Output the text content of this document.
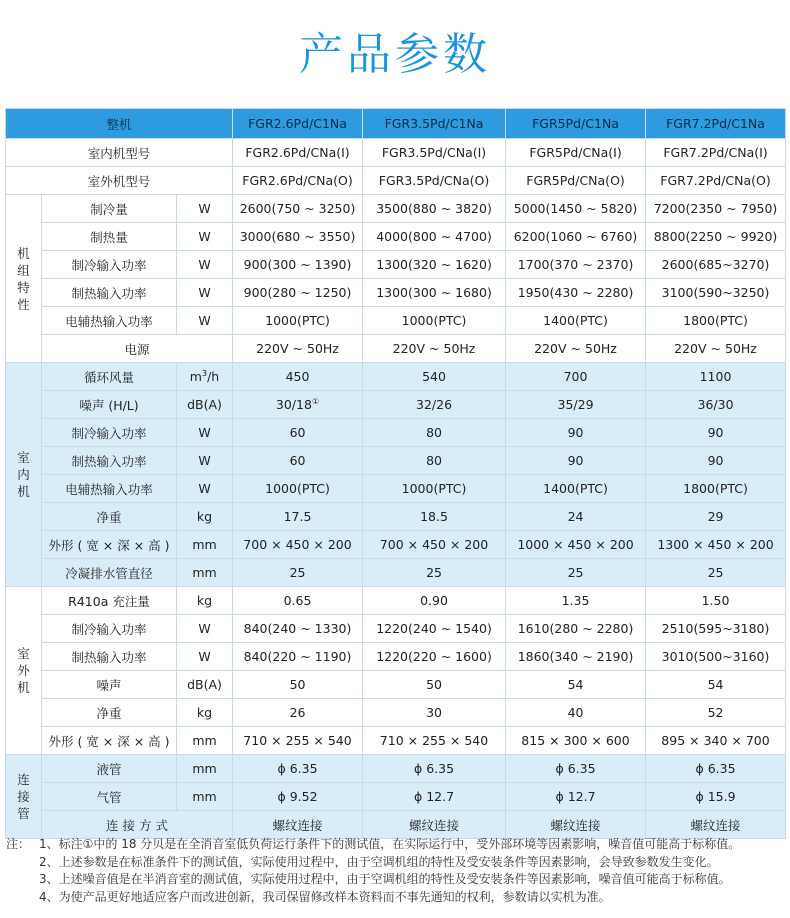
产品参数
整机			FGR2.6Pd/C1Na	FGR3.5Pd/C1Na	FGR5Pd/C1Na	FGR7.2Pd/C1Na
室内机型号			FGR2.6Pd/CNa(I)	FGR3.5Pd/CNa(I)	FGR5Pd/CNa(I)	FGR7.2Pd/CNa(I)
室外机型号			FGR2.6Pd/CNa(O)	FGR3.5Pd/CNa(O)	FGR5Pd/CNa(O)	FGR7.2Pd/CNa(O)

机
组
特
性	制冷量	W	2600(750 ~ 3250)	3500(880 ~ 3820)	5000(1450 ~ 5820)	7200(2350 ~ 7950)
	制热量	W	3000(680 ~ 3550)	4000(800 ~ 4700)	6200(1060 ~ 6760)	8800(2250 ~ 9920)
	制冷输入功率	W	900(300 ~ 1390)	1300(320 ~ 1620)	1700(370 ~ 2370)	2600(685~3270)
	制热输入功率	W	900(280 ~ 1250)	1300(300 ~ 1680)	1950(430 ~ 2280)	3100(590~3250)
	电辅热输入功率	W	1000(PTC)	1000(PTC)	1400(PTC)	1800(PTC)
	电源		220V ~ 50Hz	220V ~ 50Hz	220V ~ 50Hz	220V ~ 50Hz

室
内
机	循环风量	$m^3/h$	450	540	700	1100
	噪声 (H/L)	dB(A)	30/18①	32/26	35/29	36/30
	制冷输入功率	W	60	80	90	90
	制热输入功率	W	60	80	90	90
	电辅热输入功率	W	1000(PTC)	1000(PTC)	1400(PTC)	1800(PTC)
	净重	kg	17.5	18.5	24	29
	外形 ( 宽 × 深 × 高 )	mm	700 × 450 × 200	700 × 450 × 200	1000 × 450 × 200	1300 × 450 × 200
	冷凝排水管直径	mm	25	25	25	25

室
外
机	R410a 充注量	kg	0.65	0.90	1.35	1.50
	制冷输入功率	W	840(240 ~ 1330)	1220(240 ~ 1540)	1610(280 ~ 2280)	2510(595~3180)
	制热输入功率	W	840(220 ~ 1190)	1220(220 ~ 1600)	1860(340 ~ 2190)	3010(500~3160)
	噪声	dB(A)	50	50	54	54
	净重	kg	26	30	40	52
	外形 ( 宽 × 深 × 高 )	mm	710 × 255 × 540	710 × 255 × 540	815 × 300 × 600	895 × 340 × 700

连
接
管	液管	mm	ϕ 6.35	ϕ 6.35	ϕ 6.35	ϕ 6.35
	气管	mm	ϕ 9.52	ϕ 12.7	ϕ 12.7	ϕ 15.9
	连 接 方 式		螺纹连接	螺纹连接	螺纹连接	螺纹连接
注： 1、标注①中的 18 分贝是在全消音室低负荷运行条件下的测试值，在实际运行中，受外部环境等因素影响，噪音值可能高于标称值。
2、上述参数是在标准条件下的测试值，实际使用过程中，由于空调机组的特性及受安装条件等因素影响，会导致参数发生变化。
3、上述噪音值是在半消音室的测试值，实际使用过程中，由于空调机组的特性及受安装条件等因素影响，噪音值可能高于标称值。
4、为使产品更好地适应客户而改进创新，我司保留修改样本资料而不事先通知的权利，参数请以实机为准。
